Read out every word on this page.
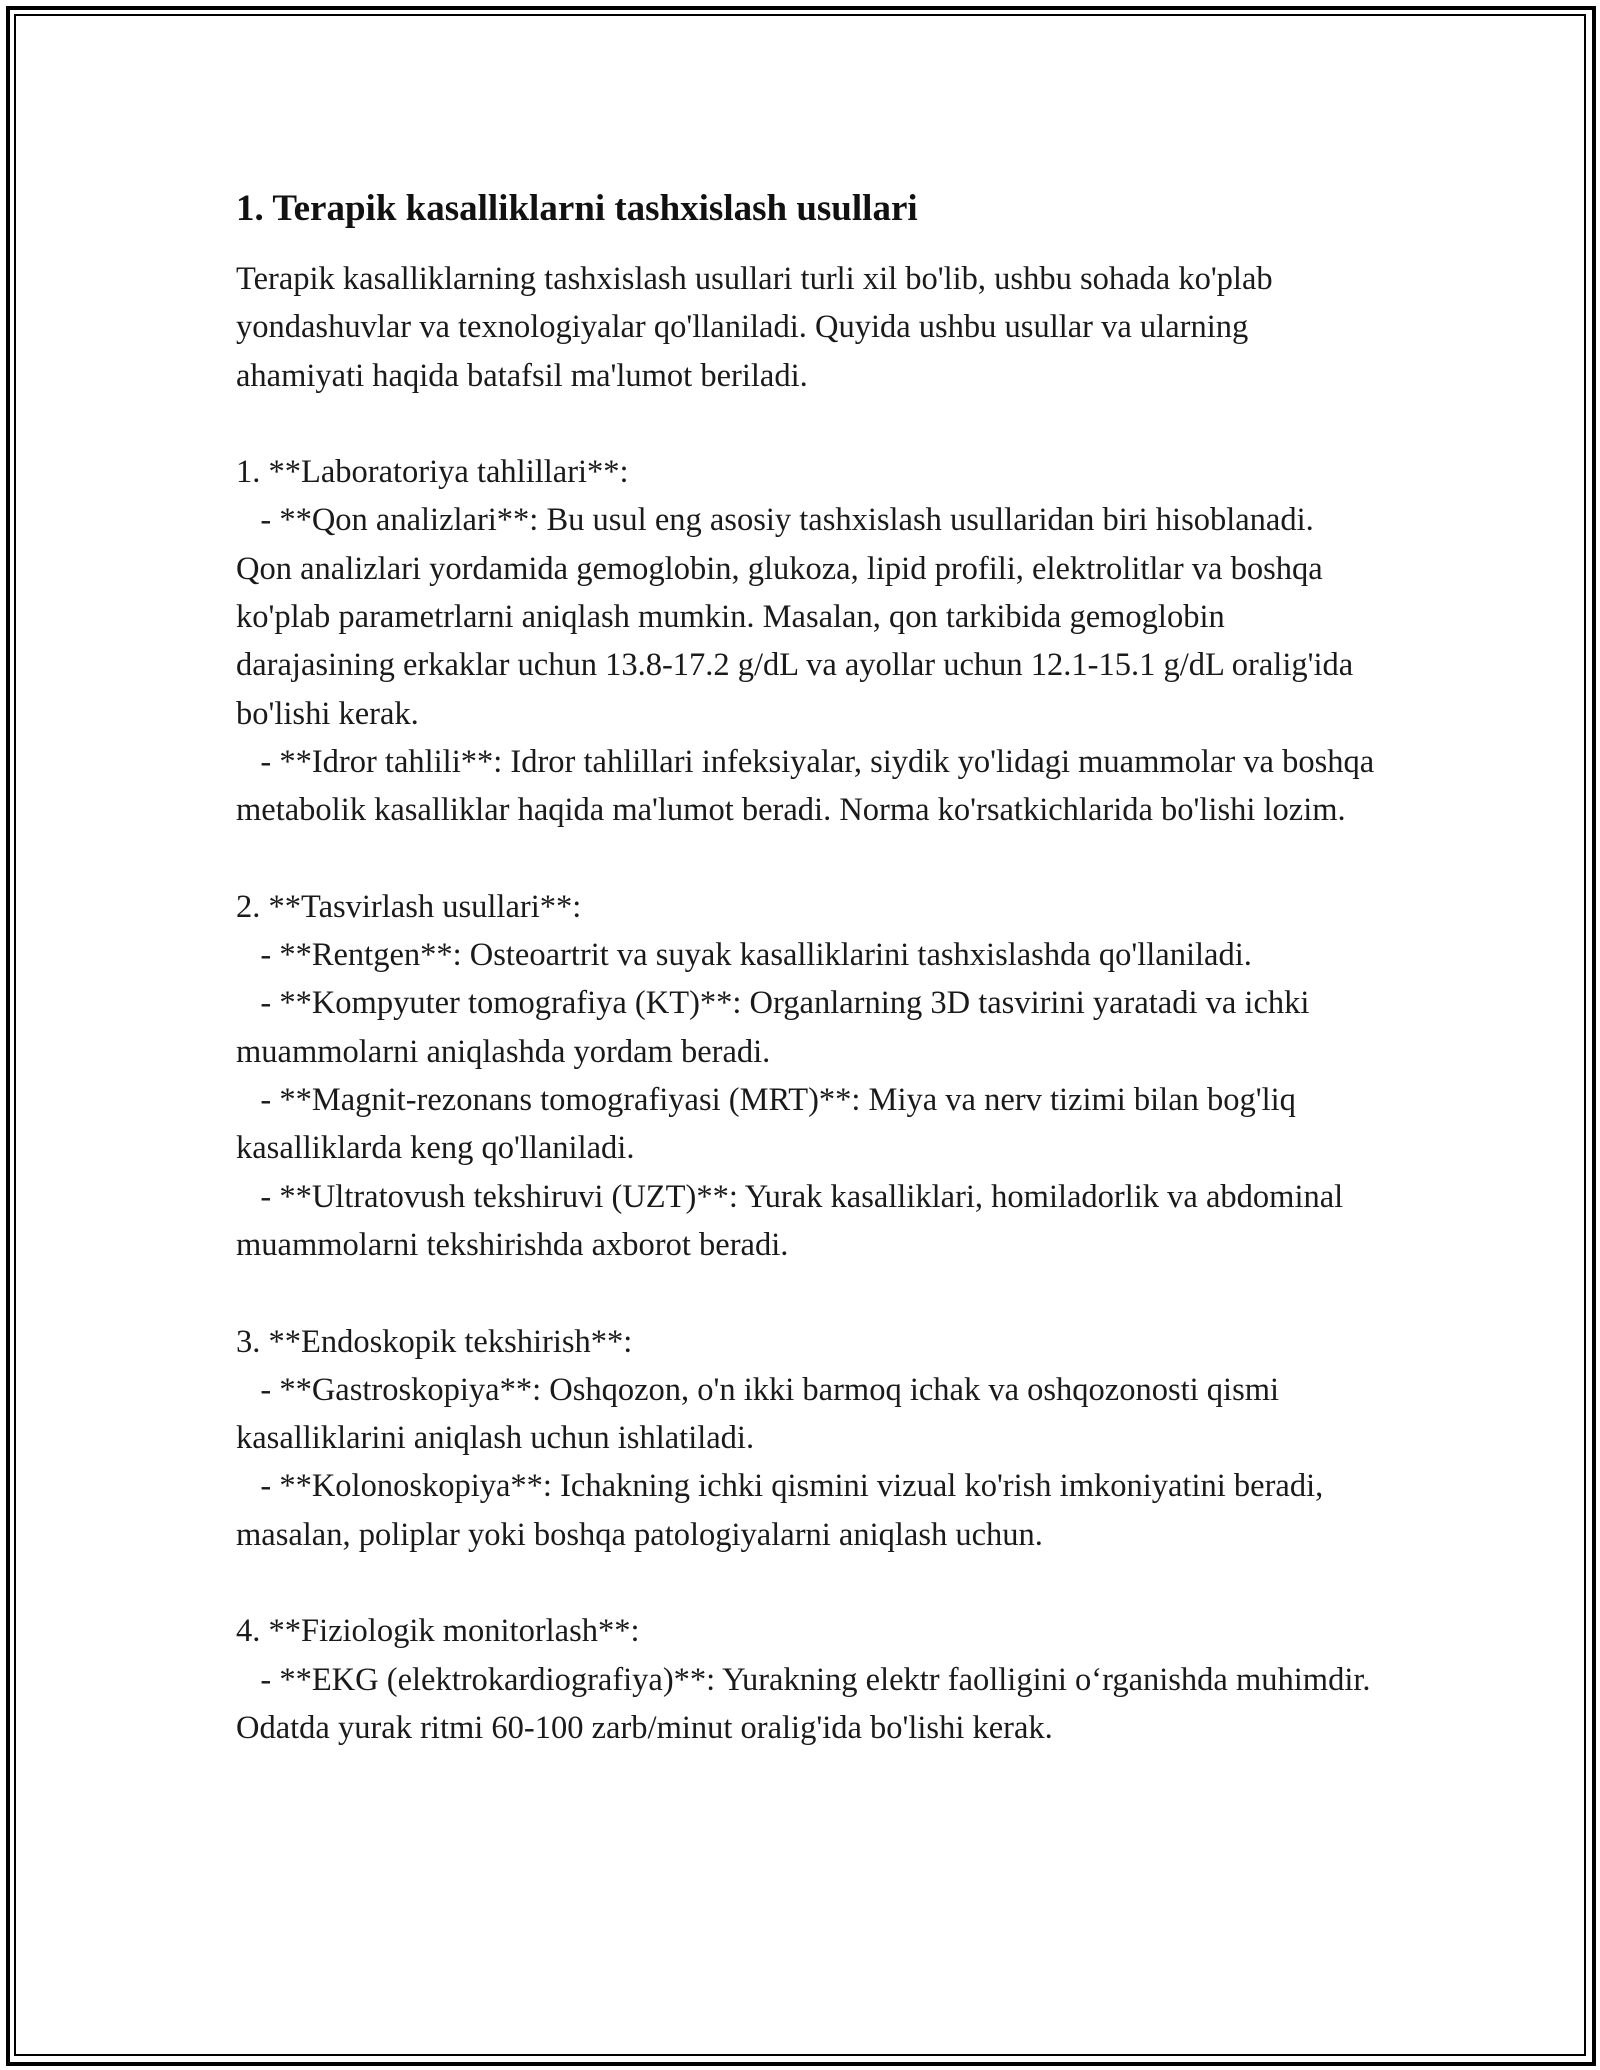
1. Terapik kasalliklarni tashxislash usullari

Terapik kasalliklarning tashxislash usullari turli xil bo'lib, ushbu sohada ko'plab yondashuvlar va texnologiyalar qo'llaniladi. Quyida ushbu usullar va ularning ahamiyati haqida batafsil ma'lumot beriladi.

1. **Laboratoriya tahlillari**:

- **Qon analizlari**: Bu usul eng asosiy tashxislash usullaridan biri hisoblanadi. Qon analizlari yordamida gemoglobin, glukoza, lipid profili, elektrolitlar va boshqa ko'plab parametrlarni aniqlash mumkin. Masalan, qon tarkibida gemoglobin darajasining erkaklar uchun 13.8-17.2 g/dL va ayollar uchun 12.1-15.1 g/dL oralig'ida bo'lishi kerak.

- **Idror tahlili**: Idror tahlillari infeksiyalar, siydik yo'lidagi muammolar va boshqa metabolik kasalliklar haqida ma'lumot beradi. Norma ko'rsatkichlarida bo'lishi lozim.

2. **Tasvirlash usullari**:

- **Rentgen**: Osteoartrit va suyak kasalliklarini tashxislashda qo'llaniladi.

- **Kompyuter tomografiya (KT)**: Organlarning 3D tasvirini yaratadi va ichki muammolarni aniqlashda yordam beradi.

- **Magnit-rezonans tomografiyasi (MRT)**: Miya va nerv tizimi bilan bog'liq kasalliklarda keng qo'llaniladi.

- **Ultratovush tekshiruvi (UZT)**: Yurak kasalliklari, homiladorlik va abdominal muammolarni tekshirishda axborot beradi.

3. **Endoskopik tekshirish**:

- **Gastroskopiya**: Oshqozon, o'n ikki barmoq ichak va oshqozonosti qismi kasalliklarini aniqlash uchun ishlatiladi.

- **Kolonoskopiya**: Ichakning ichki qismini vizual ko'rish imkoniyatini beradi, masalan, poliplar yoki boshqa patologiyalarni aniqlash uchun.

4. **Fiziologik monitorlash**:

- **EKG (elektrokardiografiya)**: Yurakning elektr faolligini o‘rganishda muhimdir. Odatda yurak ritmi 60-100 zarb/minut oralig'ida bo'lishi kerak.
